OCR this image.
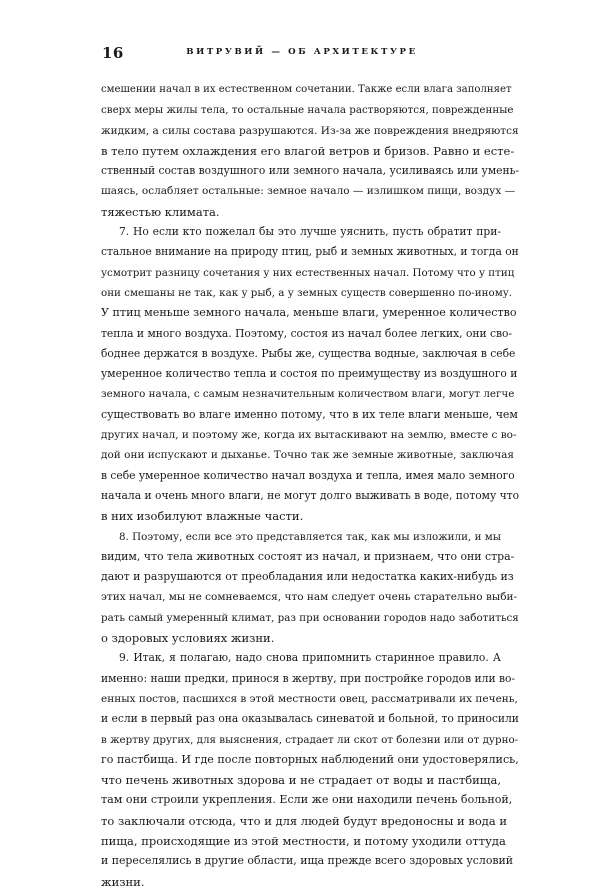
16	ВИТРУВИЙ — ОБ АРХИТЕКТУРЕ
смешении начал в их естественном сочетании. Также если влага заполняет
сверх меры жилы тела, то остальные начала растворяются, поврежденные
жидким, а силы состава разрушаются. Из-за же повреждения внедряются
в тело путем охлаждения его влагой ветров и бризов. Равно и есте-
ственный состав воздушного или земного начала, усиливаясь или умень-
шаясь, ослабляет остальные: земное начало — излишком пищи, воздух —
тяжестью климата.
7. Но если кто пожелал бы это лучше уяснить, пусть обратит при-
стальное внимание на природу птиц, рыб и земных животных, и тогда он
усмотрит разницу сочетания у них естественных начал. Потому что у птиц
они смешаны не так, как у рыб, а у земных существ совершенно по-иному.
У птиц меньше земного начала, меньше влаги, умеренное количество
тепла и много воздуха. Поэтому, состоя из начал более легких, они сво-
боднее держатся в воздухе. Рыбы же, существа водные, заключая в себе
умеренное количество тепла и состоя по преимуществу из воздушного и
земного начала, с самым незначительным количеством влаги, могут легче
существовать во влаге именно потому, что в их теле влаги меньше, чем
других начал, и поэтому же, когда их вытаскивают на землю, вместе с во-
дой они испускают и дыханье. Точно так же земные животные, заключая
в себе умеренное количество начал воздуха и тепла, имея мало земного
начала и очень много влаги, не могут долго выживать в воде, потому что
в них изобилуют влажные части.
8. Поэтому, если все это представляется так, как мы изложили, и мы
видим, что тела животных состоят из начал, и признаем, что они стра-
дают и разрушаются от преобладания или недостатка каких-нибудь из
этих начал, мы не сомневаемся, что нам следует очень старательно выби-
рать самый умеренный климат, раз при основании городов надо заботиться
о здоровых условиях жизни.
9. Итак, я полагаю, надо снова припомнить старинное правило. А
именно: наши предки, принося в жертву, при постройке городов или во-
енных постов, пасшихся в этой местности овец, рассматривали их печень,
и если в первый раз она оказывалась синеватой и больной, то приносили
в жертву других, для выяснения, страдает ли скот от болезни или от дурно-
го пастбища. И где после повторных наблюдений они удостоверялись,
что печень животных здорова и не страдает от воды и пастбища,
там они строили укрепления. Если же они находили печень больной,
то заключали отсюда, что и для людей будут вредоносны и вода и
пища, происходящие из этой местности, и потому уходили оттуда
и переселялись в другие области, ища прежде всего здоровых условий
жизни.
